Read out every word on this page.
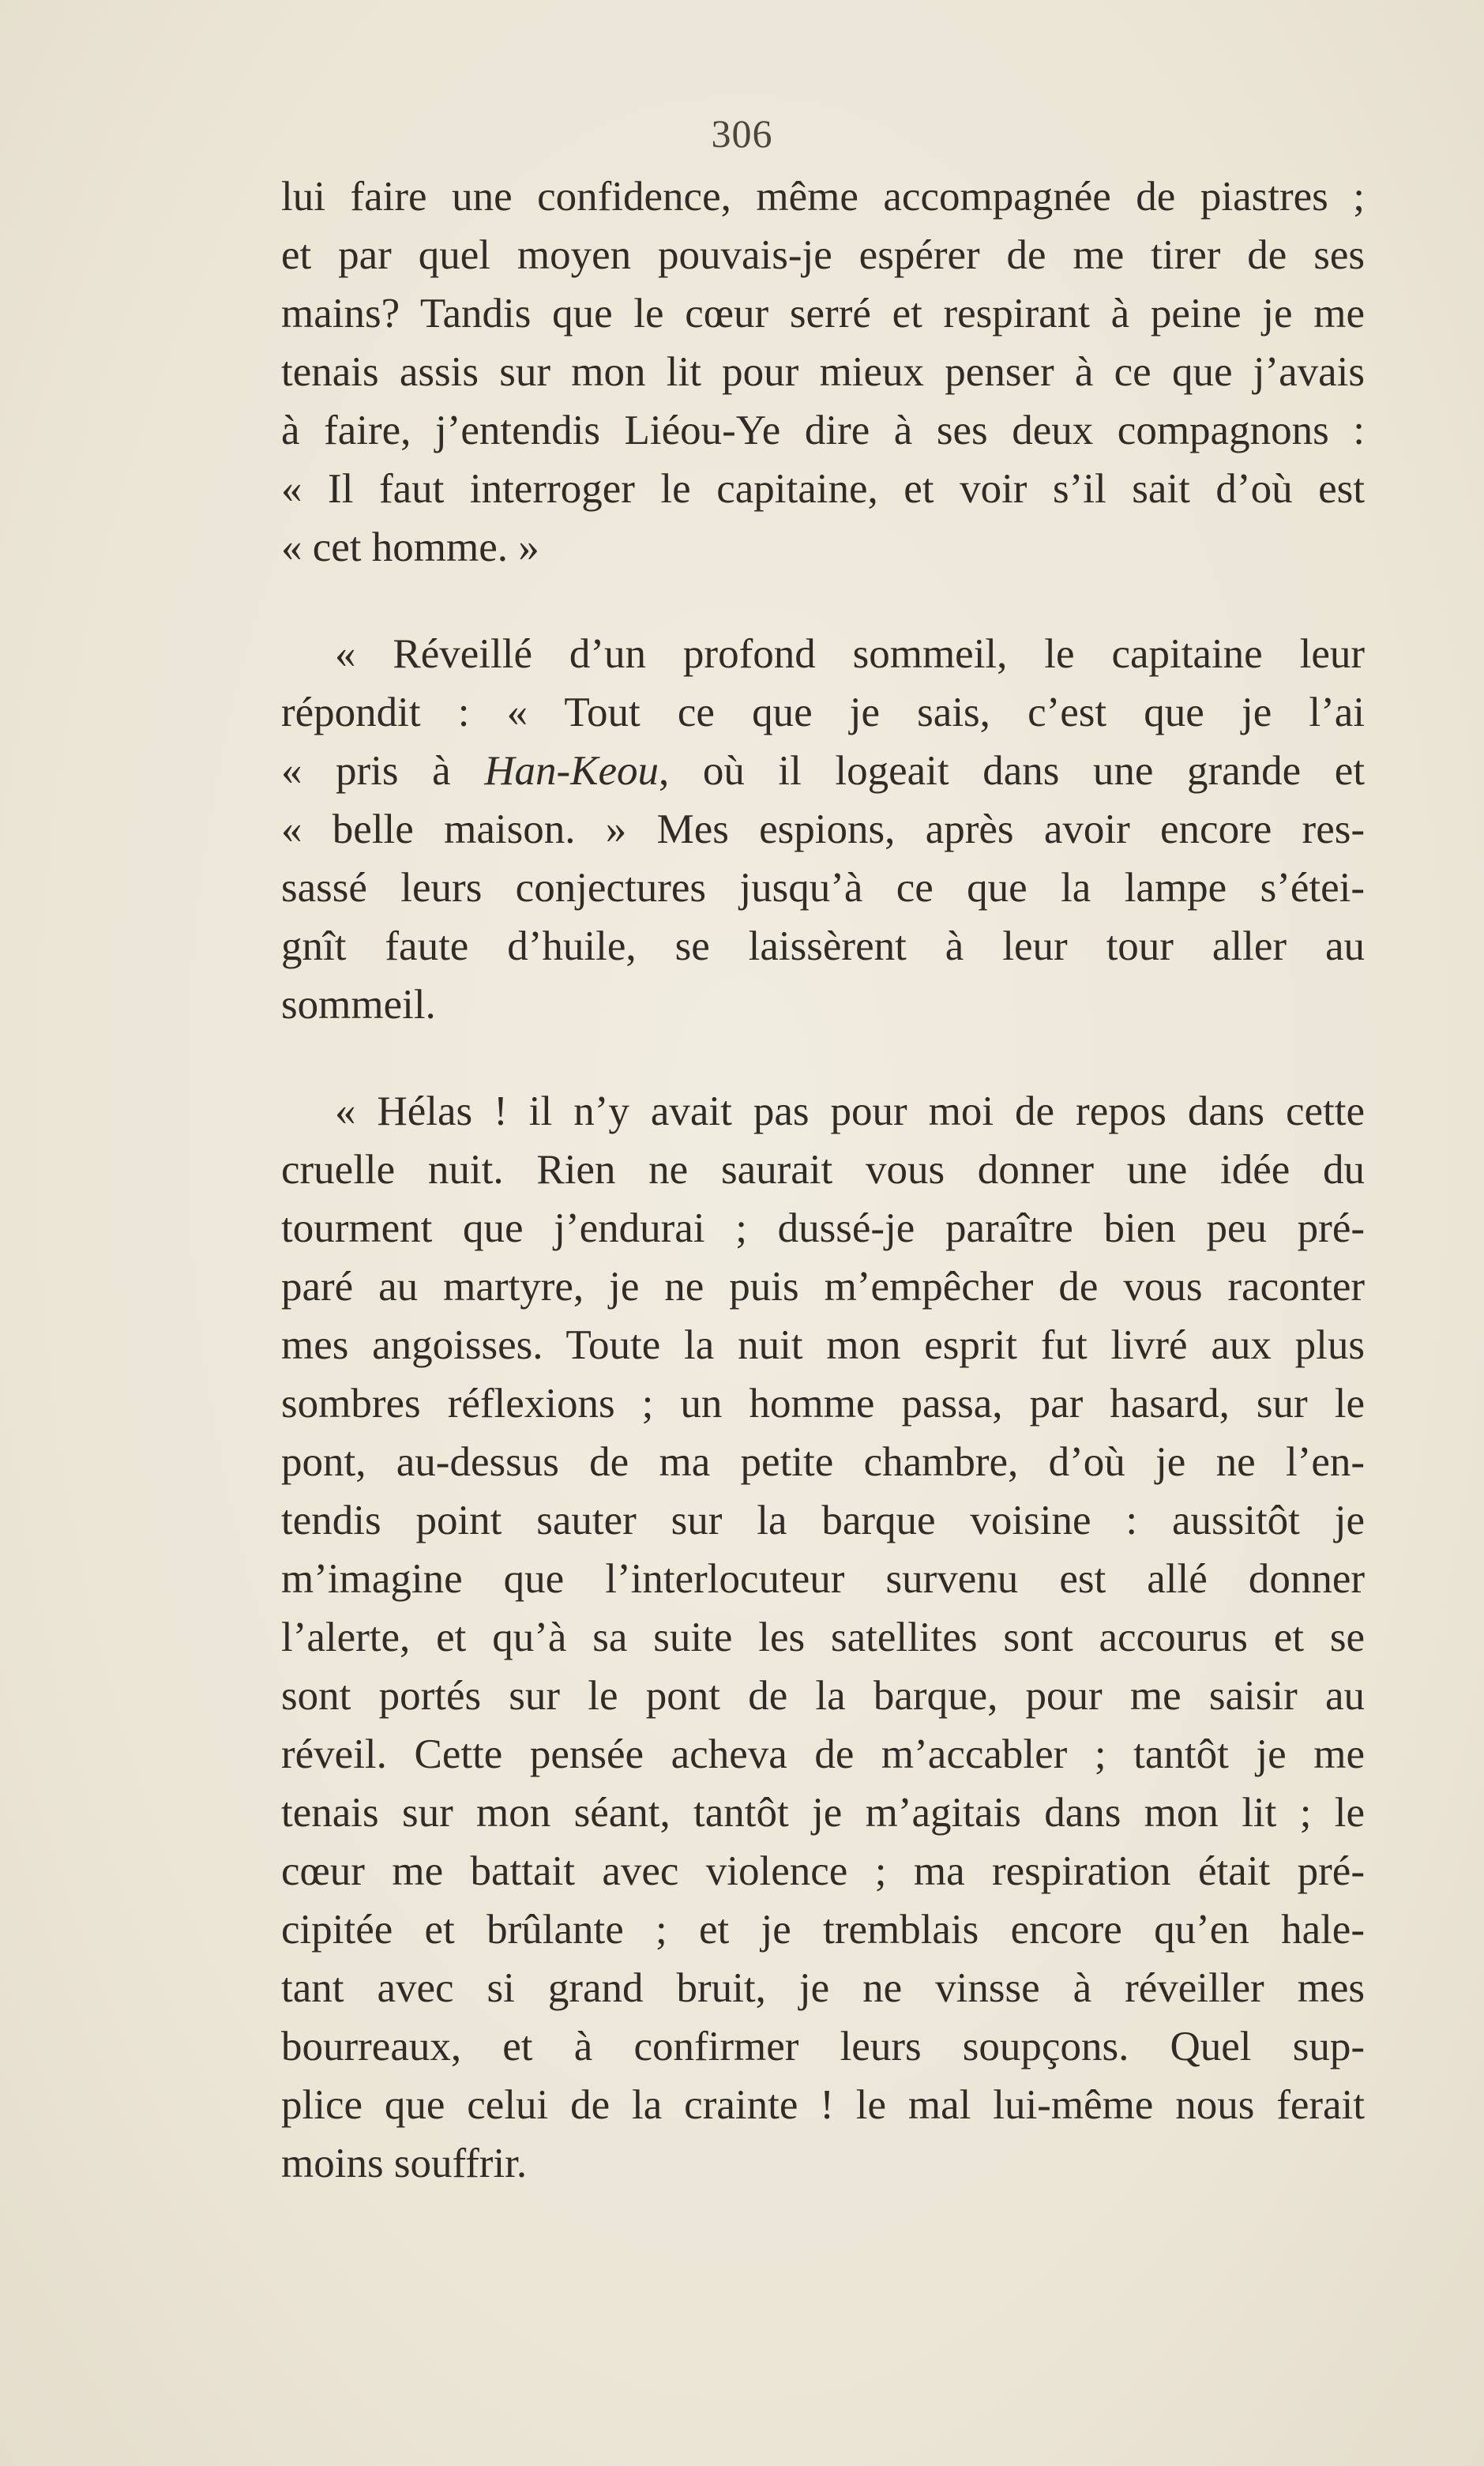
306
lui faire une confidence, même accompagnée de piastres ;
et par quel moyen pouvais-je espérer de me tirer de ses
mains? Tandis que le cœur serré et respirant à peine je me
tenais assis sur mon lit pour mieux penser à ce que j’avais
à faire, j’entendis Liéou-Ye dire à ses deux compagnons :
« Il faut interroger le capitaine, et voir s’il sait d’où est
« cet homme. »
« Réveillé d’un profond sommeil, le capitaine leur
répondit : « Tout ce que je sais, c’est que je l’ai
« pris à Han-Keou, où il logeait dans une grande et
« belle maison. » Mes espions, après avoir encore res-
sassé leurs conjectures jusqu’à ce que la lampe s’étei-
gnît faute d’huile, se laissèrent à leur tour aller au
sommeil.
« Hélas ! il n’y avait pas pour moi de repos dans cette
cruelle nuit. Rien ne saurait vous donner une idée du
tourment que j’endurai ; dussé-je paraître bien peu pré-
paré au martyre, je ne puis m’empêcher de vous raconter
mes angoisses. Toute la nuit mon esprit fut livré aux plus
sombres réflexions ; un homme passa, par hasard, sur le
pont, au-dessus de ma petite chambre, d’où je ne l’en-
tendis point sauter sur la barque voisine : aussitôt je
m’imagine que l’interlocuteur survenu est allé donner
l’alerte, et qu’à sa suite les satellites sont accourus et se
sont portés sur le pont de la barque, pour me saisir au
réveil. Cette pensée acheva de m’accabler ; tantôt je me
tenais sur mon séant, tantôt je m’agitais dans mon lit ; le
cœur me battait avec violence ; ma respiration était pré-
cipitée et brûlante ; et je tremblais encore qu’en hale-
tant avec si grand bruit, je ne vinsse à réveiller mes
bourreaux, et à confirmer leurs soupçons. Quel sup-
plice que celui de la crainte ! le mal lui-même nous ferait
moins souffrir.
